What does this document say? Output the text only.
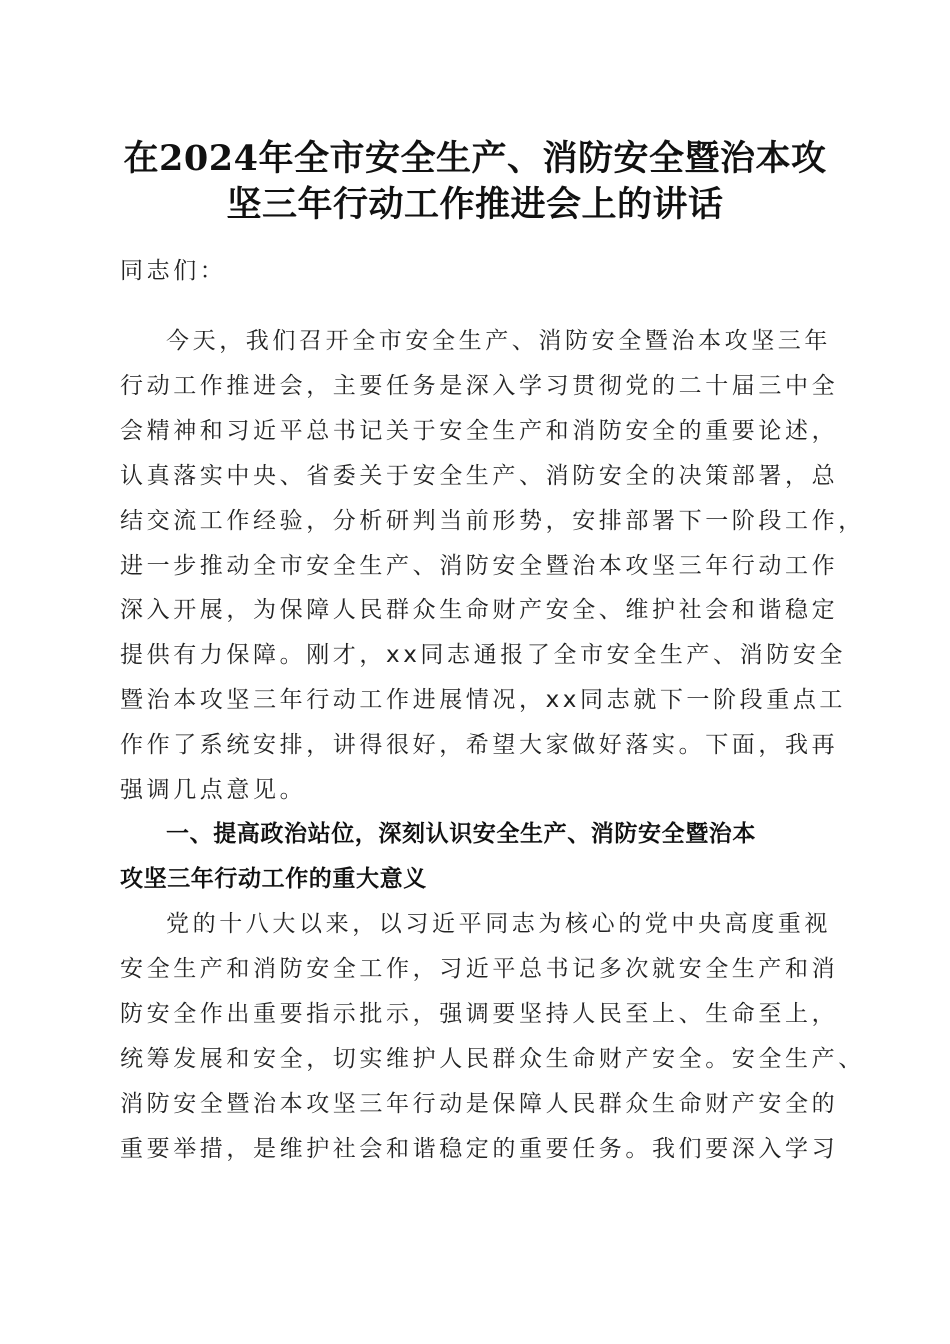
在2024年全市安全生产、消防安全暨治本攻
坚三年行动工作推进会上的讲话
同志们：
今天，我们召开全市安全生产、消防安全暨治本攻坚三年
行动工作推进会，主要任务是深入学习贯彻党的二十届三中全
会精神和习近平总书记关于安全生产和消防安全的重要论述，
认真落实中央、省委关于安全生产、消防安全的决策部署，总
结交流工作经验，分析研判当前形势，安排部署下一阶段工作，
进一步推动全市安全生产、消防安全暨治本攻坚三年行动工作
深入开展，为保障人民群众生命财产安全、维护社会和谐稳定
提供有力保障。刚才，xx同志通报了全市安全生产、消防安全
暨治本攻坚三年行动工作进展情况，xx同志就下一阶段重点工
作作了系统安排，讲得很好，希望大家做好落实。下面，我再
强调几点意见。
一、提高政治站位，深刻认识安全生产、消防安全暨治本
攻坚三年行动工作的重大意义
党的十八大以来，以习近平同志为核心的党中央高度重视
安全生产和消防安全工作，习近平总书记多次就安全生产和消
防安全作出重要指示批示，强调要坚持人民至上、生命至上，
统筹发展和安全，切实维护人民群众生命财产安全。安全生产、
消防安全暨治本攻坚三年行动是保障人民群众生命财产安全的
重要举措，是维护社会和谐稳定的重要任务。我们要深入学习
